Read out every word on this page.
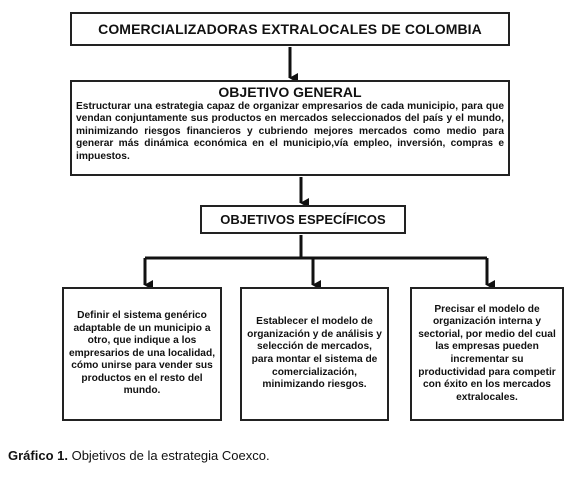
COMERCIALIZADORAS EXTRALOCALES DE COLOMBIA
OBJETIVO GENERAL
Estructurar una estrategia capaz de organizar empresarios de cada municipio, para que vendan conjuntamente sus productos en mercados seleccionados del país y el mundo, minimizando riesgos financieros y cubriendo mejores mercados como medio para generar más dinámica económica en el municipio,vía empleo, inversión, compras e impuestos.
OBJETIVOS ESPECÍFICOS
Definir el sistema genérico adaptable de un municipio a otro, que indique a los empresarios de una localidad, cómo unirse para vender sus productos en el resto del mundo.
Establecer el modelo de organización y de análisis y selección de mercados, para montar el sistema de comercialización, minimizando riesgos.
Precisar el modelo de organización interna y sectorial, por medio del cual las empresas pueden incrementar su productividad para competir con éxito en los mercados extralocales.
Gráfico 1. Objetivos de la estrategia Coexco.
